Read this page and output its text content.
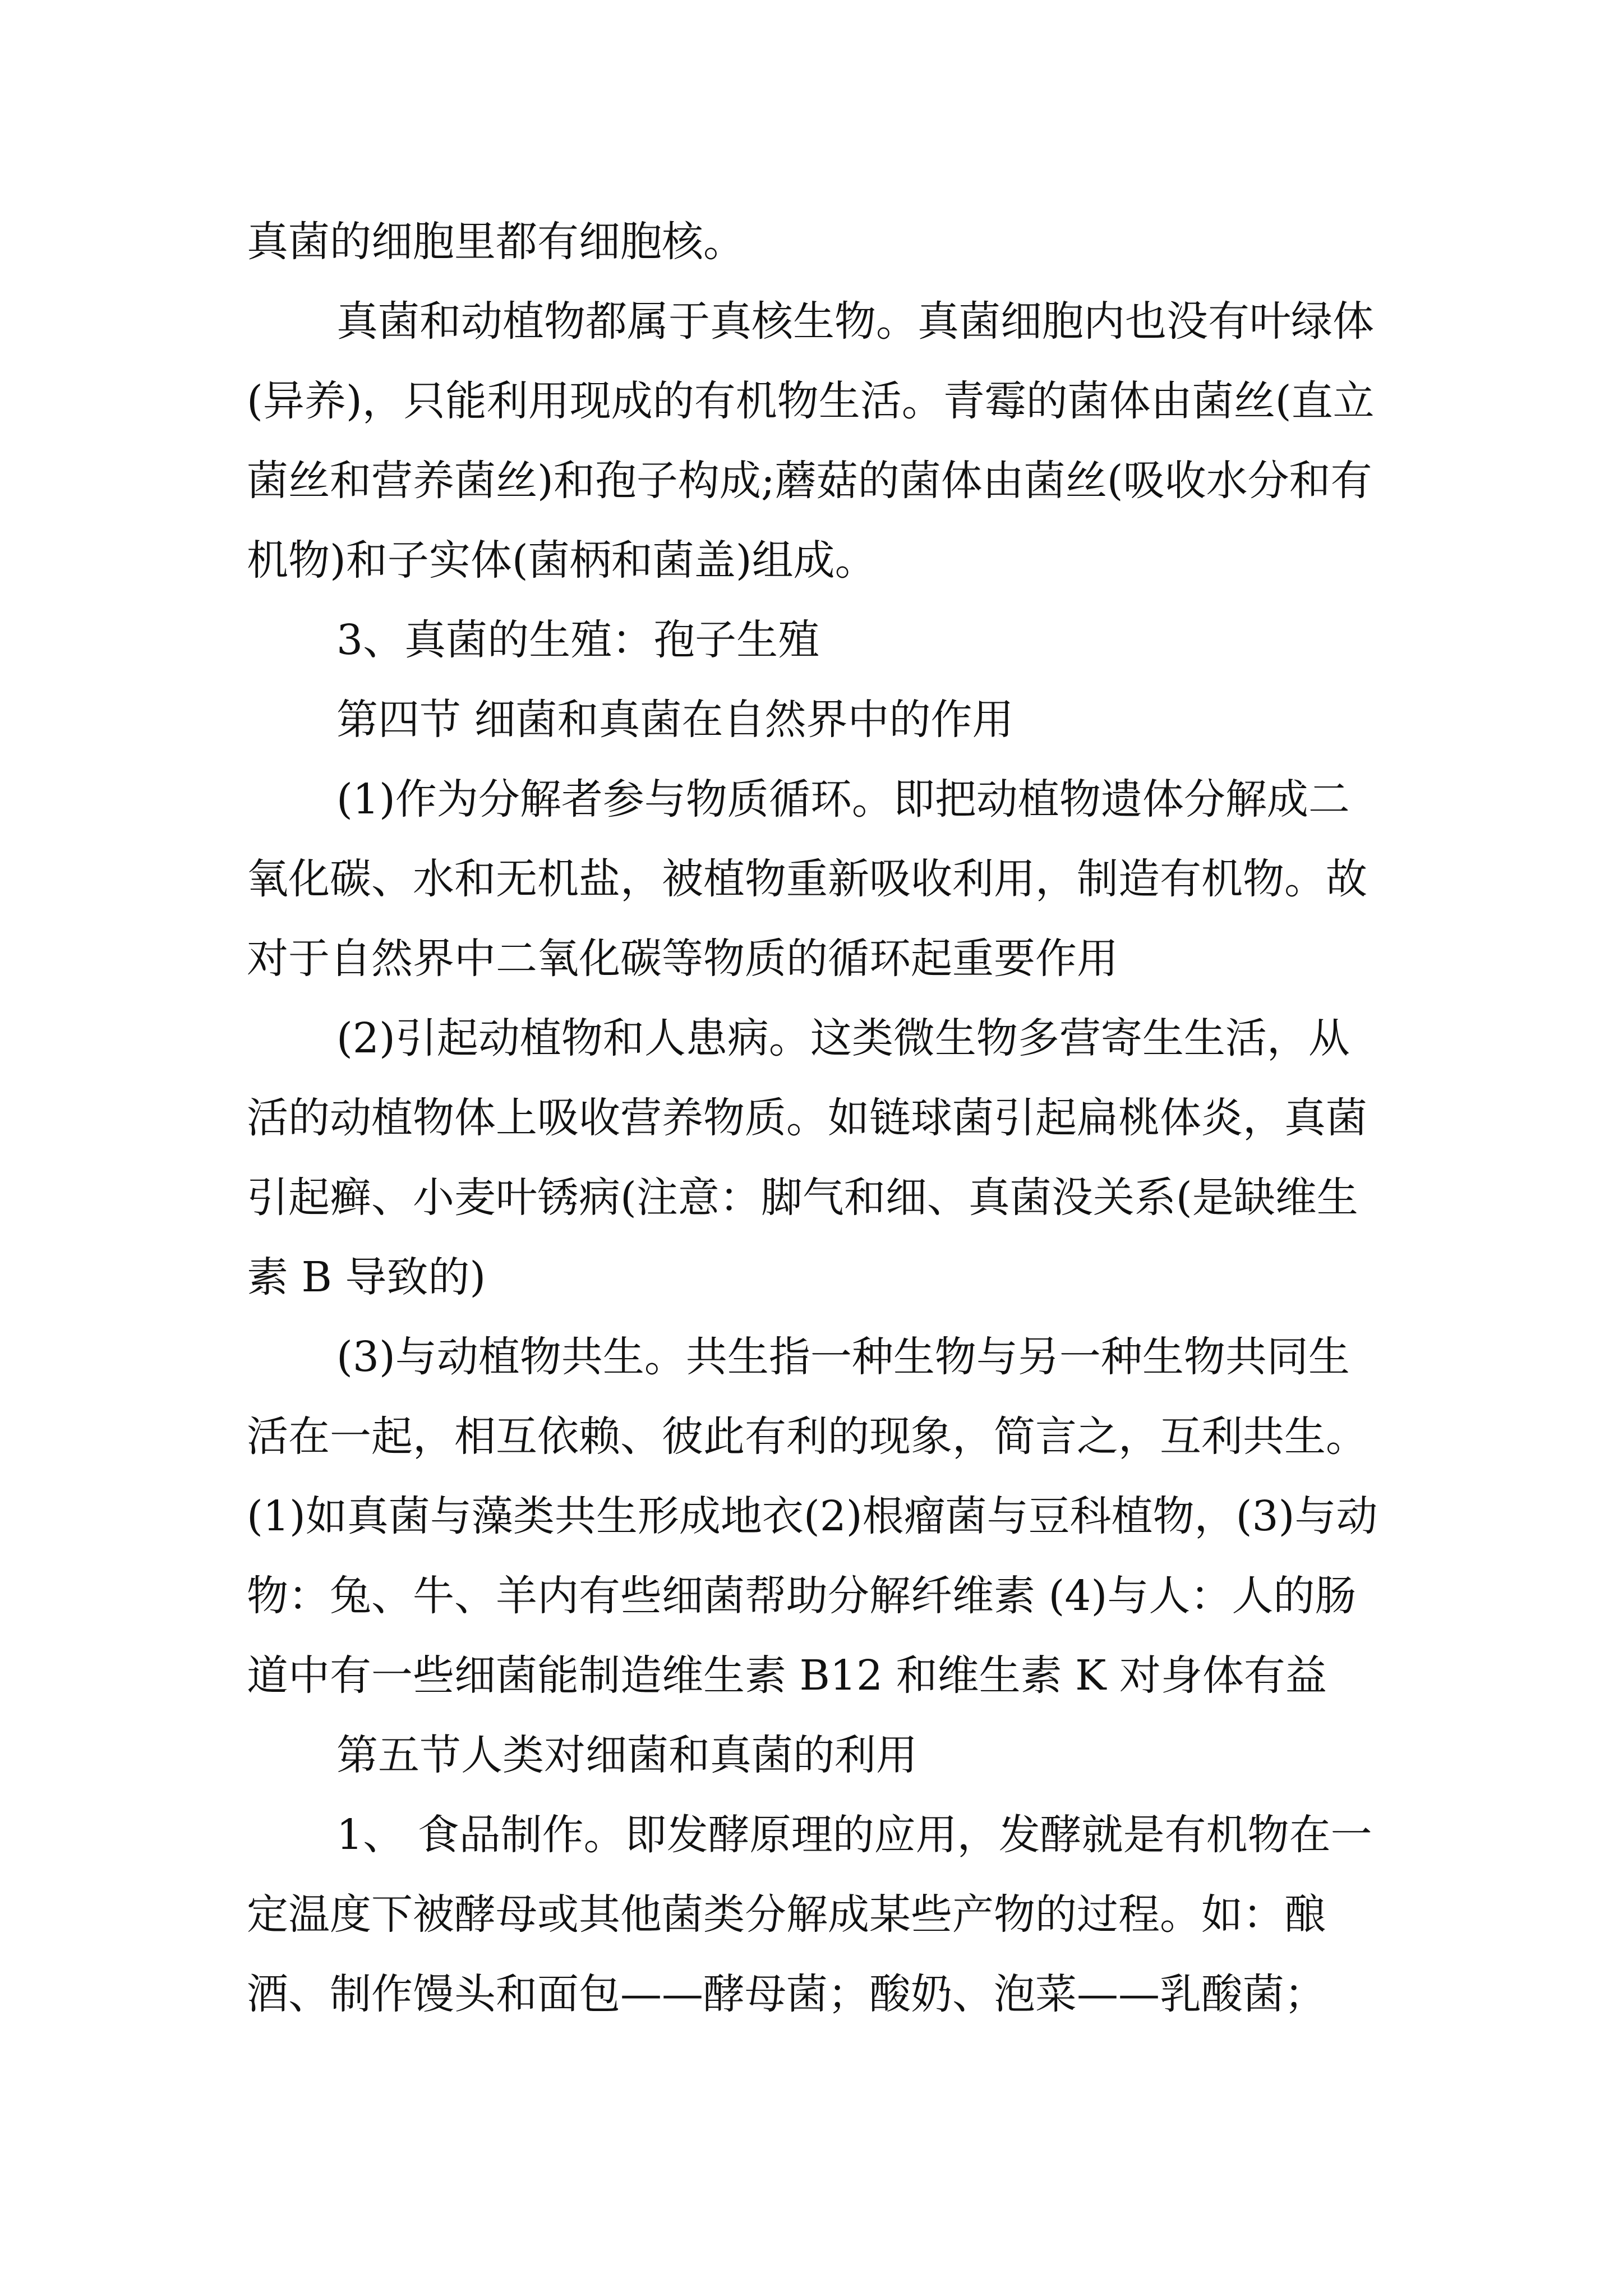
真菌的细胞里都有细胞核。

真菌和动植物都属于真核生物。真菌细胞内也没有叶绿体(异养)，只能利用现成的有机物生活。青霉的菌体由菌丝(直立菌丝和营养菌丝)和孢子构成;蘑菇的菌体由菌丝(吸收水分和有机物)和子实体(菌柄和菌盖)组成。

3、真菌的生殖：孢子生殖

第四节 细菌和真菌在自然界中的作用

(1)作为分解者参与物质循环。即把动植物遗体分解成二氧化碳、水和无机盐，被植物重新吸收利用，制造有机物。故对于自然界中二氧化碳等物质的循环起重要作用

(2)引起动植物和人患病。这类微生物多营寄生生活，从活的动植物体上吸收营养物质。如链球菌引起扁桃体炎，真菌引起癣、小麦叶锈病(注意：脚气和细、真菌没关系(是缺维生素 B 导致的)

(3)与动植物共生。共生指一种生物与另一种生物共同生活在一起，相互依赖、彼此有利的现象，简言之，互利共生。(1)如真菌与藻类共生形成地衣(2)根瘤菌与豆科植物，(3)与动物：兔、牛、羊内有些细菌帮助分解纤维素 (4)与人：人的肠道中有一些细菌能制造维生素 B12 和维生素 K 对身体有益

第五节人类对细菌和真菌的利用

1、 食品制作。即发酵原理的应用，发酵就是有机物在一定温度下被酵母或其他菌类分解成某些产物的过程。如：酿酒、制作馒头和面包——酵母菌；酸奶、泡菜——乳酸菌；
